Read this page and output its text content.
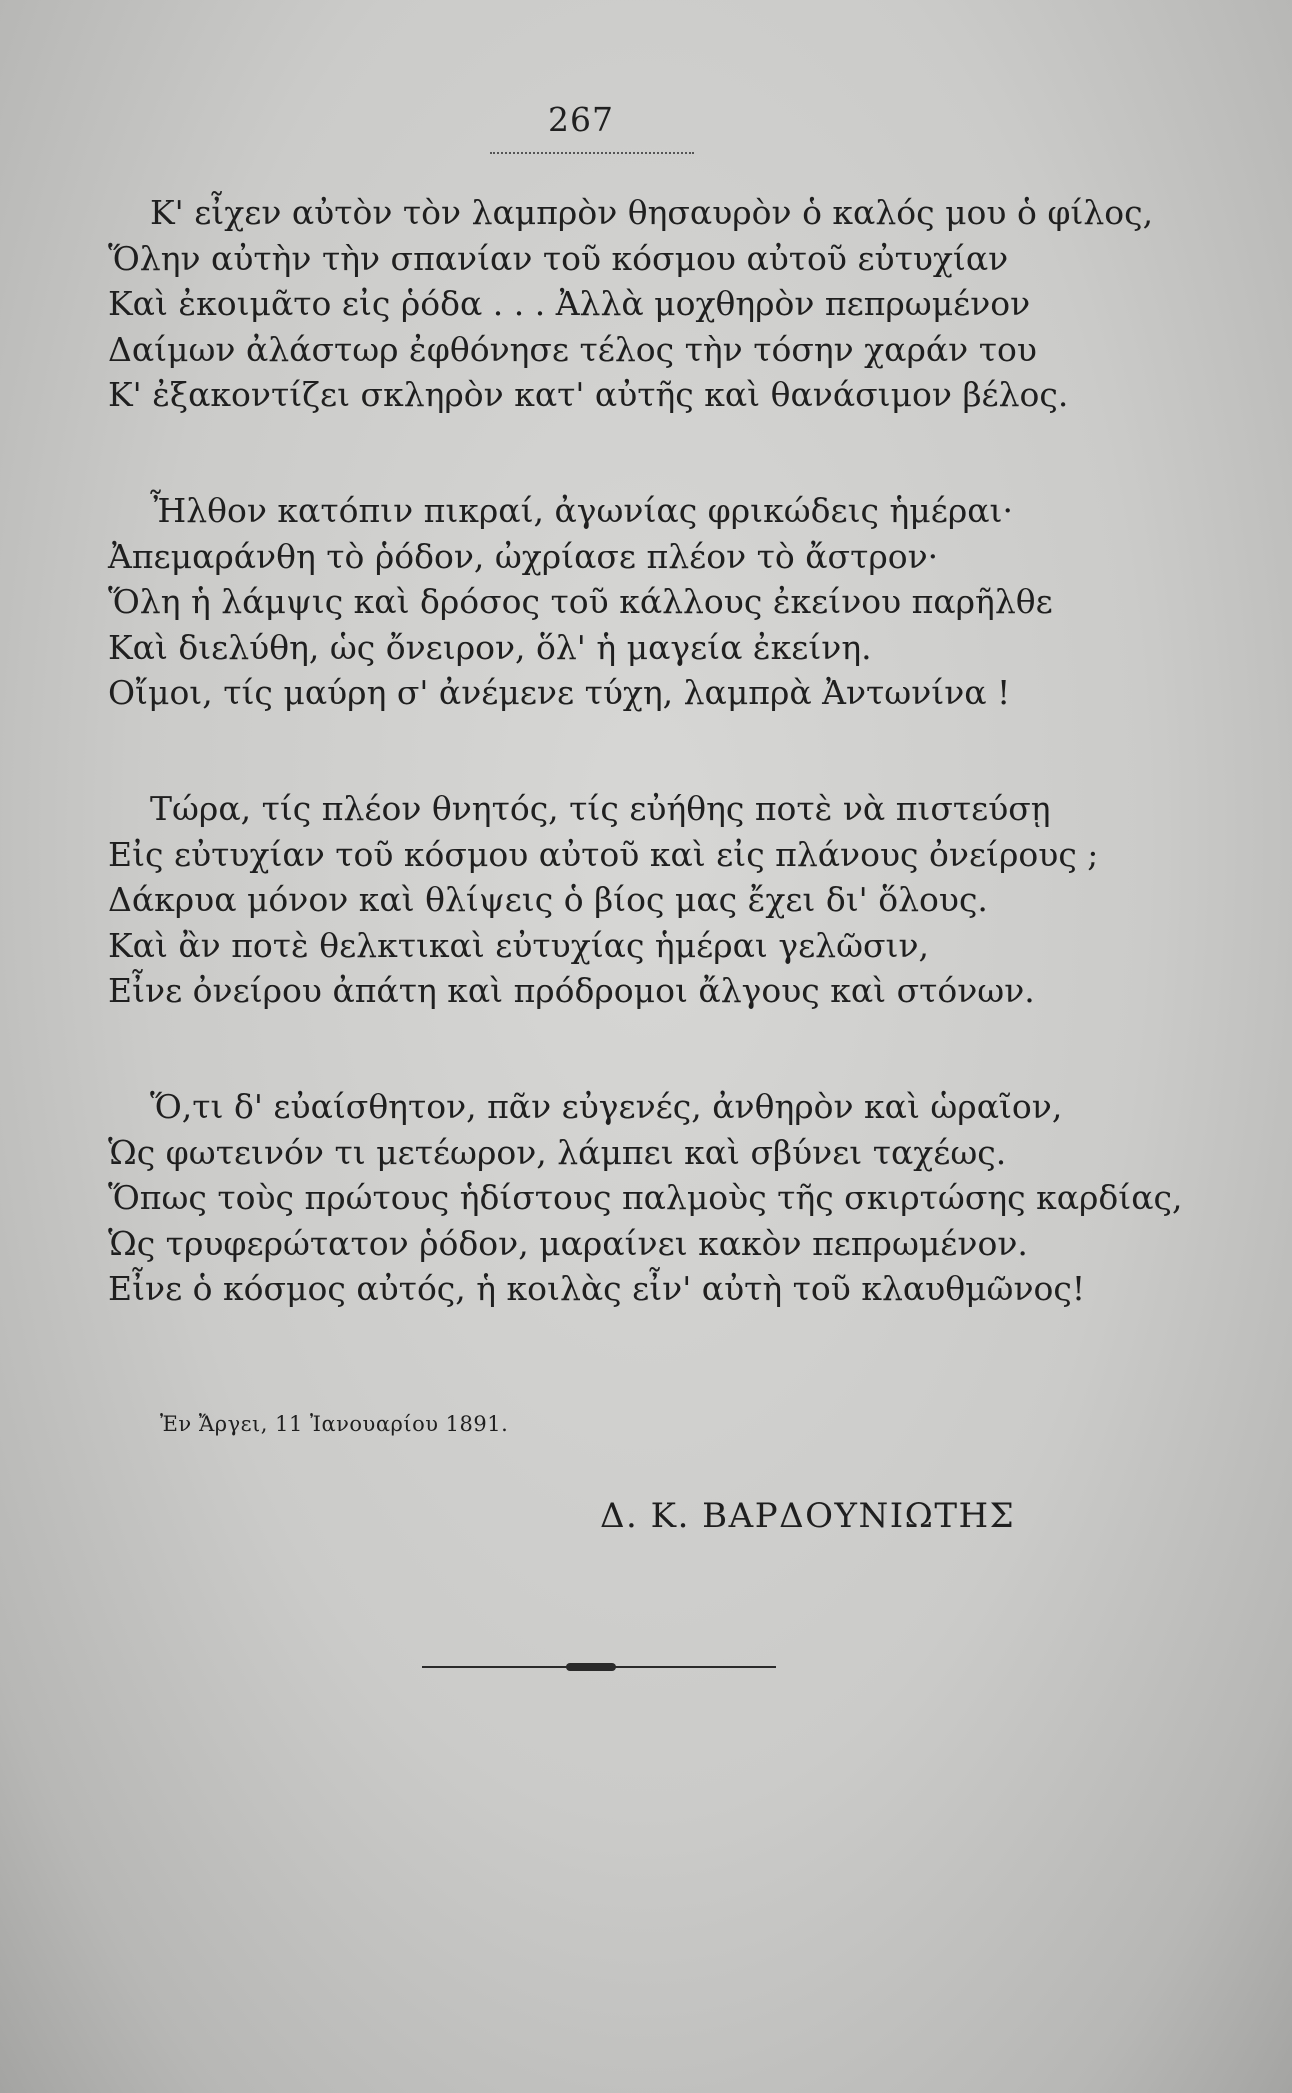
267
Κ' εἶχεν αὐτὸν τὸν λαμπρὸν θησαυρὸν ὁ καλός μου ὁ φίλος,
Ὅλην αὐτὴν τὴν σπανίαν τοῦ κόσμου αὐτοῦ εὐτυχίαν
Καὶ ἐκοιμᾶτο εἰς ῥόδα . . . Ἀλλὰ μοχθηρὸν πεπρωμένον
Δαίμων ἀλάστωρ ἐφθόνησε τέλος τὴν τόσην χαράν του
Κ' ἐξακοντίζει σκληρὸν κατ' αὐτῆς καὶ θανάσιμον βέλος.
Ἦλθον κατόπιν πικραί, ἀγωνίας φρικώδεις ἡμέραι·
Ἀπεμαράνθη τὸ ῥόδον, ὠχρίασε πλέον τὸ ἄστρον·
Ὅλη ἡ λάμψις καὶ δρόσος τοῦ κάλλους ἐκείνου παρῆλθε
Καὶ διελύθη, ὡς ὄνειρον, ὅλ' ἡ μαγεία ἐκείνη.
Οἴμοι, τίς μαύρη σ' ἀνέμενε τύχη, λαμπρὰ Ἀντωνίνα !
Τώρα, τίς πλέον θνητός, τίς εὐήθης ποτὲ νὰ πιστεύσῃ
Εἰς εὐτυχίαν τοῦ κόσμου αὐτοῦ καὶ εἰς πλάνους ὀνείρους ;
Δάκρυα μόνον καὶ θλίψεις ὁ βίος μας ἔχει δι' ὅλους.
Καὶ ἂν ποτὲ θελκτικαὶ εὐτυχίας ἡμέραι γελῶσιν,
Εἶνε ὀνείρου ἀπάτη καὶ πρόδρομοι ἄλγους καὶ στόνων.
Ὅ,τι δ' εὐαίσθητον, πᾶν εὐγενές, ἀνθηρὸν καὶ ὡραῖον,
Ὡς φωτεινόν τι μετέωρον, λάμπει καὶ σβύνει ταχέως.
Ὅπως τοὺς πρώτους ἡδίστους παλμοὺς τῆς σκιρτώσης καρδίας,
Ὡς τρυφερώτατον ῥόδον, μαραίνει κακὸν πεπρωμένον.
Εἶνε ὁ κόσμος αὐτός, ἡ κοιλὰς εἶν' αὐτὴ τοῦ κλαυθμῶνος!
Ἐν Ἄργει, 11 Ἰανουαρίου 1891.
Δ. Κ. ΒΑΡΔΟΥΝΙΩΤΗΣ
